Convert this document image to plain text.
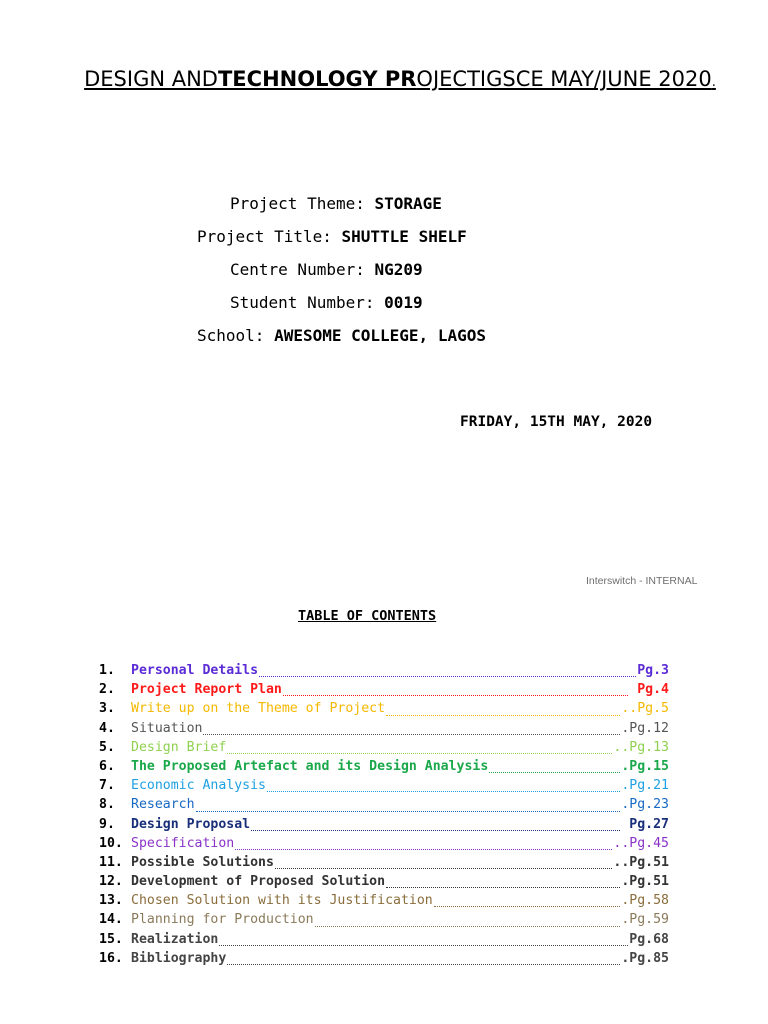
DESIGN ANDTECHNOLOGY PROJECTIGSCE MAY/JUNE 2020.
Project Theme: STORAGE
Project Title: SHUTTLE SHELF
Centre Number: NG209
Student Number: 0019
School: AWESOME COLLEGE, LAGOS
FRIDAY, 15TH MAY, 2020
Interswitch - INTERNAL
TABLE OF CONTENTS
1.	Personal Details	Pg.3
2.	Project Report Plan	Pg.4
3.	Write up on the Theme of Project	..Pg.5
4.	Situation	.Pg.12
5.	Design Brief	..Pg.13
6.	The Proposed Artefact and its Design Analysis	.Pg.15
7.	Economic Analysis	.Pg.21
8.	Research	.Pg.23
9.	Design Proposal	Pg.27
10. Specification	..Pg.45
11. Possible Solutions	..Pg.51
12. Development of Proposed Solution	.Pg.51
13. Chosen Solution with its Justification	.Pg.58
14. Planning for Production	.Pg.59
15. Realization	Pg.68
16. Bibliography	.Pg.85
